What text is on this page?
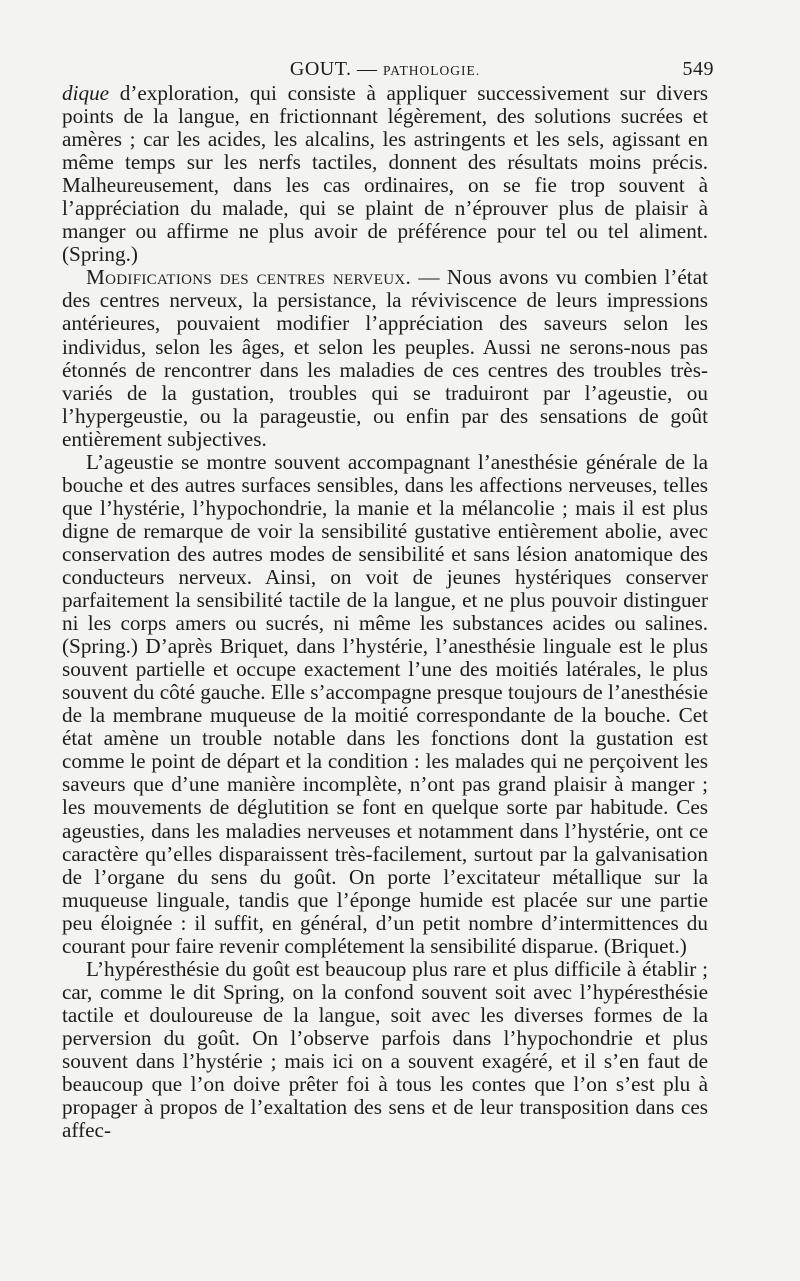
GOUT. — PATHOLOGIE.	549

dique d’exploration, qui consiste à appliquer successivement sur divers points de la langue, en frictionnant légèrement, des solutions sucrées et amères ; car les acides, les alcalins, les astringents et les sels, agissant en même temps sur les nerfs tactiles, donnent des résultats moins précis. Malheureusement, dans les cas ordinaires, on se fie trop souvent à l’appréciation du malade, qui se plaint de n’éprouver plus de plaisir à manger ou affirme ne plus avoir de préférence pour tel ou tel aliment. (Spring.)

Modifications des centres nerveux. — Nous avons vu combien l’état des centres nerveux, la persistance, la réviviscence de leurs impressions antérieures, pouvaient modifier l’appréciation des saveurs selon les individus, selon les âges, et selon les peuples. Aussi ne serons-nous pas étonnés de rencontrer dans les maladies de ces centres des troubles très-variés de la gustation, troubles qui se traduiront par l’ageustie, ou l’hypergeustie, ou la parageustie, ou enfin par des sensations de goût entièrement subjectives.

L’ageustie se montre souvent accompagnant l’anesthésie générale de la bouche et des autres surfaces sensibles, dans les affections nerveuses, telles que l’hystérie, l’hypochondrie, la manie et la mélancolie ; mais il est plus digne de remarque de voir la sensibilité gustative entièrement abolie, avec conservation des autres modes de sensibilité et sans lésion anatomique des conducteurs nerveux. Ainsi, on voit de jeunes hystériques conserver parfaitement la sensibilité tactile de la langue, et ne plus pouvoir distinguer ni les corps amers ou sucrés, ni même les substances acides ou salines. (Spring.) D’après Briquet, dans l’hystérie, l’anesthésie linguale est le plus souvent partielle et occupe exactement l’une des moitiés latérales, le plus souvent du côté gauche. Elle s’accompagne presque toujours de l’anesthésie de la membrane muqueuse de la moitié correspondante de la bouche. Cet état amène un trouble notable dans les fonctions dont la gustation est comme le point de départ et la condition : les malades qui ne perçoivent les saveurs que d’une manière incomplète, n’ont pas grand plaisir à manger ; les mouvements de déglutition se font en quelque sorte par habitude. Ces ageusties, dans les maladies nerveuses et notamment dans l’hystérie, ont ce caractère qu’elles disparaissent très-facilement, surtout par la galvanisation de l’organe du sens du goût. On porte l’excitateur métallique sur la muqueuse linguale, tandis que l’éponge humide est placée sur une partie peu éloignée : il suffit, en général, d’un petit nombre d’intermittences du courant pour faire revenir complétement la sensibilité disparue. (Briquet.)

L’hypéresthésie du goût est beaucoup plus rare et plus difficile à établir ; car, comme le dit Spring, on la confond souvent soit avec l’hypéresthésie tactile et douloureuse de la langue, soit avec les diverses formes de la perversion du goût. On l’observe parfois dans l’hypochondrie et plus souvent dans l’hystérie ; mais ici on a souvent exagéré, et il s’en faut de beaucoup que l’on doive prêter foi à tous les contes que l’on s’est plu à propager à propos de l’exaltation des sens et de leur transposition dans ces affec-
